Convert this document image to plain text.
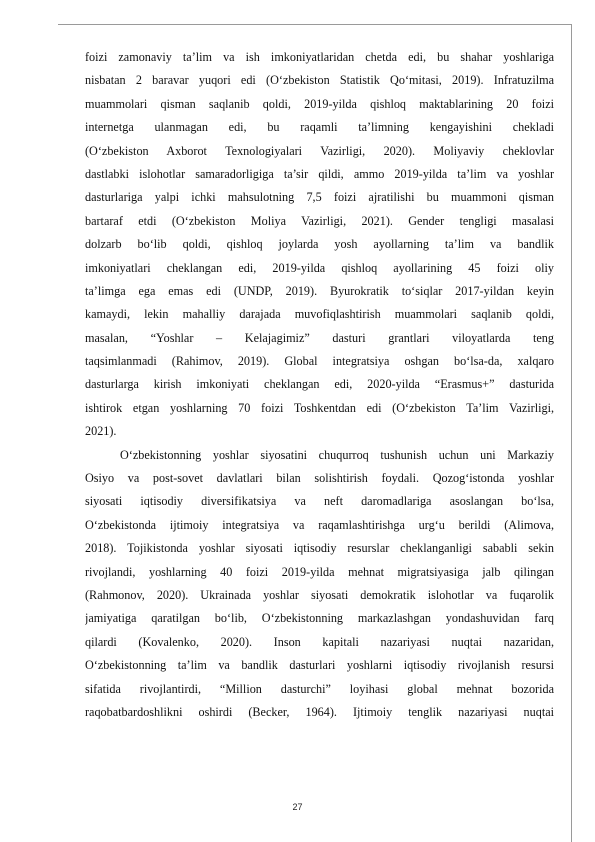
foizi zamonaviy ta’lim va ish imkoniyatlaridan chetda edi, bu shahar yoshlariga
nisbatan 2 baravar yuqori edi (O‘zbekiston Statistik Qo‘mitasi, 2019). Infratuzilma
muammolari qisman saqlanib qoldi, 2019-yilda qishloq maktablarining 20 foizi
internetga ulanmagan edi, bu raqamli ta’limning kengayishini chekladi
(O‘zbekiston Axborot Texnologiyalari Vazirligi, 2020). Moliyaviy cheklovlar
dastlabki islohotlar samaradorligiga ta’sir qildi, ammo 2019-yilda ta’lim va yoshlar
dasturlariga yalpi ichki mahsulotning 7,5 foizi ajratilishi bu muammoni qisman
bartaraf etdi (O‘zbekiston Moliya Vazirligi, 2021). Gender tengligi masalasi
dolzarb bo‘lib qoldi, qishloq joylarda yosh ayollarning ta’lim va bandlik
imkoniyatlari cheklangan edi, 2019-yilda qishloq ayollarining 45 foizi oliy
ta’limga ega emas edi (UNDP, 2019). Byurokratik to‘siqlar 2017-yildan keyin
kamaydi, lekin mahalliy darajada muvofiqlashtirish muammolari saqlanib qoldi,
masalan, “Yoshlar – Kelajagimiz” dasturi grantlari viloyatlarda teng
taqsimlanmadi (Rahimov, 2019). Global integratsiya oshgan bo‘lsa-da, xalqaro
dasturlarga kirish imkoniyati cheklangan edi, 2020-yilda “Erasmus+” dasturida
ishtirok etgan yoshlarning 70 foizi Toshkentdan edi (O‘zbekiston Ta’lim Vazirligi,
2021).
O‘zbekistonning yoshlar siyosatini chuqurroq tushunish uchun uni Markaziy
Osiyo va post-sovet davlatlari bilan solishtirish foydali. Qozog‘istonda yoshlar
siyosati iqtisodiy diversifikatsiya va neft daromadlariga asoslangan bo‘lsa,
O‘zbekistonda ijtimoiy integratsiya va raqamlashtirishga urg‘u berildi (Alimova,
2018). Tojikistonda yoshlar siyosati iqtisodiy resurslar cheklanganligi sababli sekin
rivojlandi, yoshlarning 40 foizi 2019-yilda mehnat migratsiyasiga jalb qilingan
(Rahmonov, 2020). Ukrainada yoshlar siyosati demokratik islohotlar va fuqarolik
jamiyatiga qaratilgan bo‘lib, O‘zbekistonning markazlashgan yondashuvidan farq
qilardi (Kovalenko, 2020). Inson kapitali nazariyasi nuqtai nazaridan,
O‘zbekistonning ta’lim va bandlik dasturlari yoshlarni iqtisodiy rivojlanish resursi
sifatida rivojlantirdi, “Million dasturchi” loyihasi global mehnat bozorida
raqobatbardoshlikni oshirdi (Becker, 1964). Ijtimoiy tenglik nazariyasi nuqtai
27
